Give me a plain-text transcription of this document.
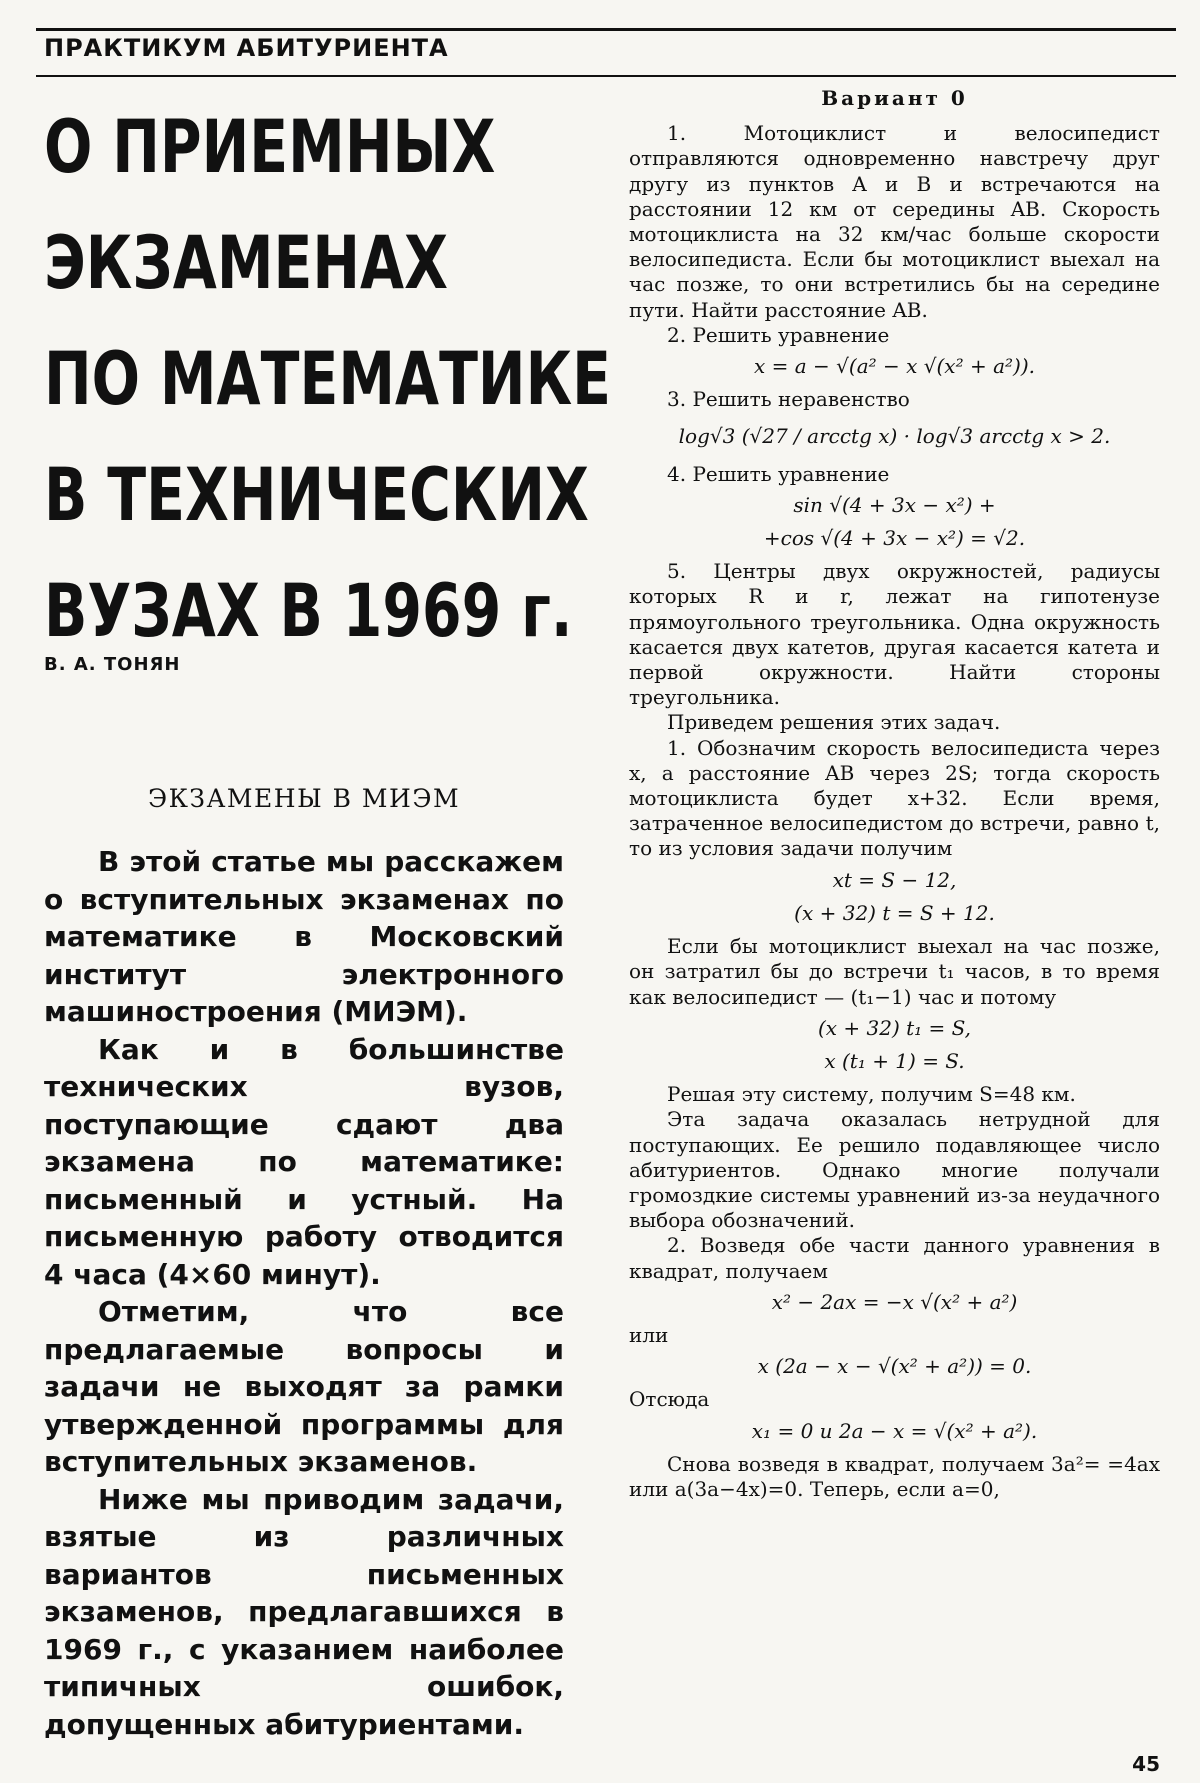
ПРАКТИКУМ АБИТУРИЕНТА
О ПРИЕМНЫХ
ЭКЗАМЕНАХ
ПО МАТЕМАТИКЕ
В ТЕХНИЧЕСКИХ
ВУЗАХ В 1969 г.
В. А. ТОНЯН
ЭКЗАМЕНЫ В МИЭМ

В этой статье мы расскажем о вступительных экзаменах по математике в Московский институт электронного машиностроения (МИЭМ).

Как и в большинстве технических вузов, поступающие сдают два экзамена по математике: письменный и устный. На письменную работу отводится 4 часа (4×60 минут).

Отметим, что все предлагаемые вопросы и задачи не выходят за рамки утвержденной программы для вступительных экзаменов.

Ниже мы приводим задачи, взятые из различных вариантов письменных экзаменов, предлагавшихся в 1969 г., с указанием наиболее типичных ошибок, допущенных абитуриентами.

Вариант 0

1. Мотоциклист и велосипедист отправляются одновременно навстречу друг другу из пунктов A и B и встречаются на расстоянии 12 км от середины AB. Скорость мотоциклиста на 32 км/час больше скорости велосипедиста. Если бы мотоциклист выехал на час позже, то они встретились бы на середине пути. Найти расстояние AB.

2. Решить уравнение

x = a − √(a² − x √(x² + a²)).

3. Решить неравенство

log√3 (√27 / arcctg x) · log√3 arcctg x > 2.

4. Решить уравнение

sin √(4 + 3x − x²) +
+cos √(4 + 3x − x²) = √2.

5. Центры двух окружностей, радиусы которых R и r, лежат на гипотенузе прямоугольного треугольника. Одна окружность касается двух катетов, другая касается катета и первой окружности. Найти стороны треугольника.

Приведем решения этих задач.

1. Обозначим скорость велосипедиста через x, а расстояние AB через 2S; тогда скорость мотоциклиста будет x+32. Если время, затраченное велосипедистом до встречи, равно t, то из условия задачи получим

xt = S − 12,
(x + 32) t = S + 12.

Если бы мотоциклист выехал на час позже, он затратил бы до встречи t₁ часов, в то время как велосипедист — (t₁−1) час и потому

(x + 32) t₁ = S,
x (t₁ + 1) = S.

Решая эту систему, получим S=48 км.

Эта задача оказалась нетрудной для поступающих. Ее решило подавляющее число абитуриентов. Однако многие получали громоздкие системы уравнений из-за неудачного выбора обозначений.

2. Возведя обе части данного уравнения в квадрат, получаем

x² − 2ax = −x √(x² + a²)

или

x (2a − x − √(x² + a²)) = 0.

Отсюда

x₁ = 0 и 2a − x = √(x² + a²).

Снова возведя в квадрат, получаем 3a²= =4ax или a(3a−4x)=0. Теперь, если a=0,

45
